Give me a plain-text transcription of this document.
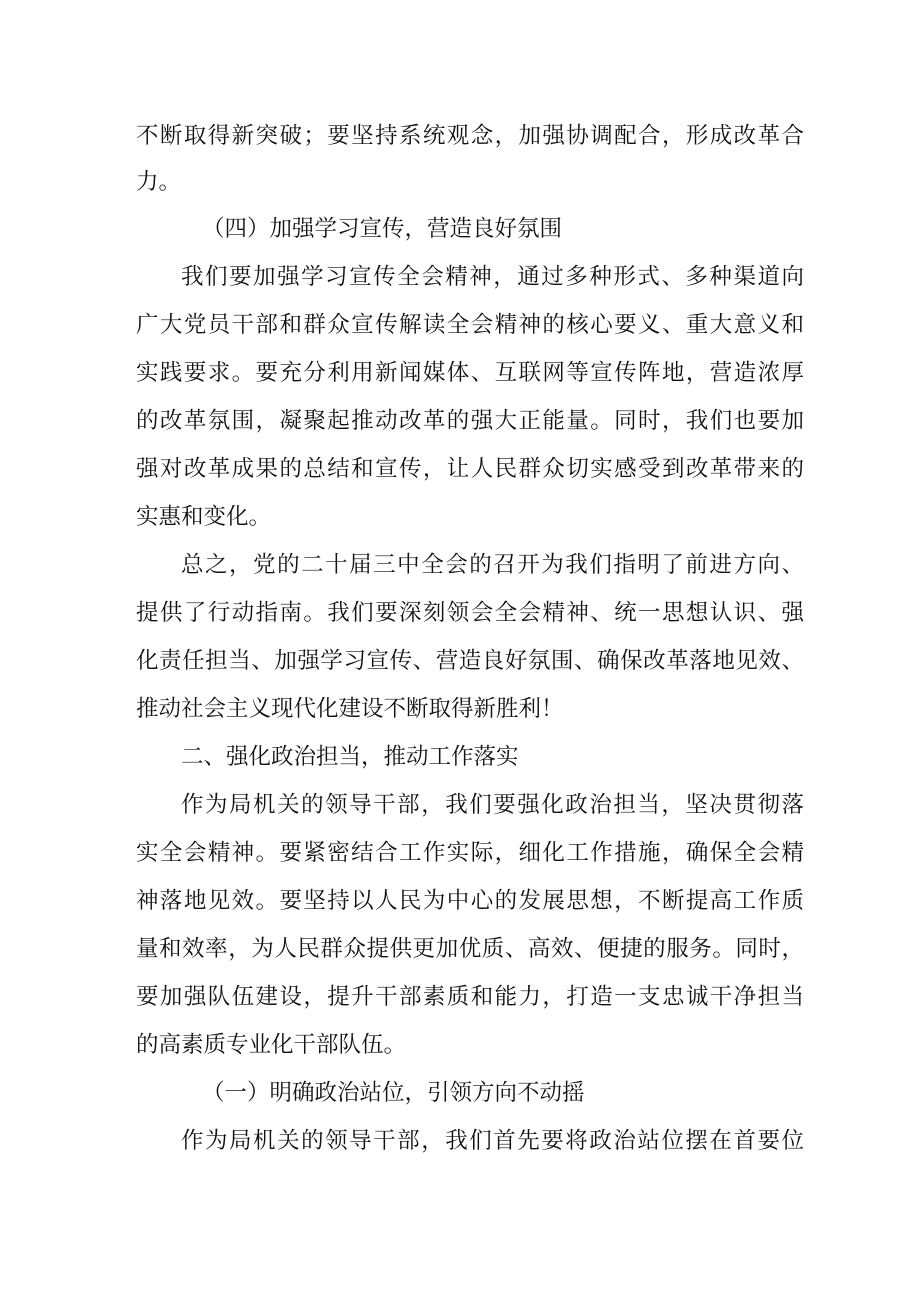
不断取得新突破；要坚持系统观念，加强协调配合，形成改革合
力。
（四）加强学习宣传，营造良好氛围
我们要加强学习宣传全会精神，通过多种形式、多种渠道向
广大党员干部和群众宣传解读全会精神的核心要义、重大意义和
实践要求。要充分利用新闻媒体、互联网等宣传阵地，营造浓厚
的改革氛围，凝聚起推动改革的强大正能量。同时，我们也要加
强对改革成果的总结和宣传，让人民群众切实感受到改革带来的
实惠和变化。
总之，党的二十届三中全会的召开为我们指明了前进方向、
提供了行动指南。我们要深刻领会全会精神、统一思想认识、强
化责任担当、加强学习宣传、营造良好氛围、确保改革落地见效、
推动社会主义现代化建设不断取得新胜利！
二、强化政治担当，推动工作落实
作为局机关的领导干部，我们要强化政治担当，坚决贯彻落
实全会精神。要紧密结合工作实际，细化工作措施，确保全会精
神落地见效。要坚持以人民为中心的发展思想，不断提高工作质
量和效率，为人民群众提供更加优质、高效、便捷的服务。同时，
要加强队伍建设，提升干部素质和能力，打造一支忠诚干净担当
的高素质专业化干部队伍。
（一）明确政治站位，引领方向不动摇
作为局机关的领导干部，我们首先要将政治站位摆在首要位
